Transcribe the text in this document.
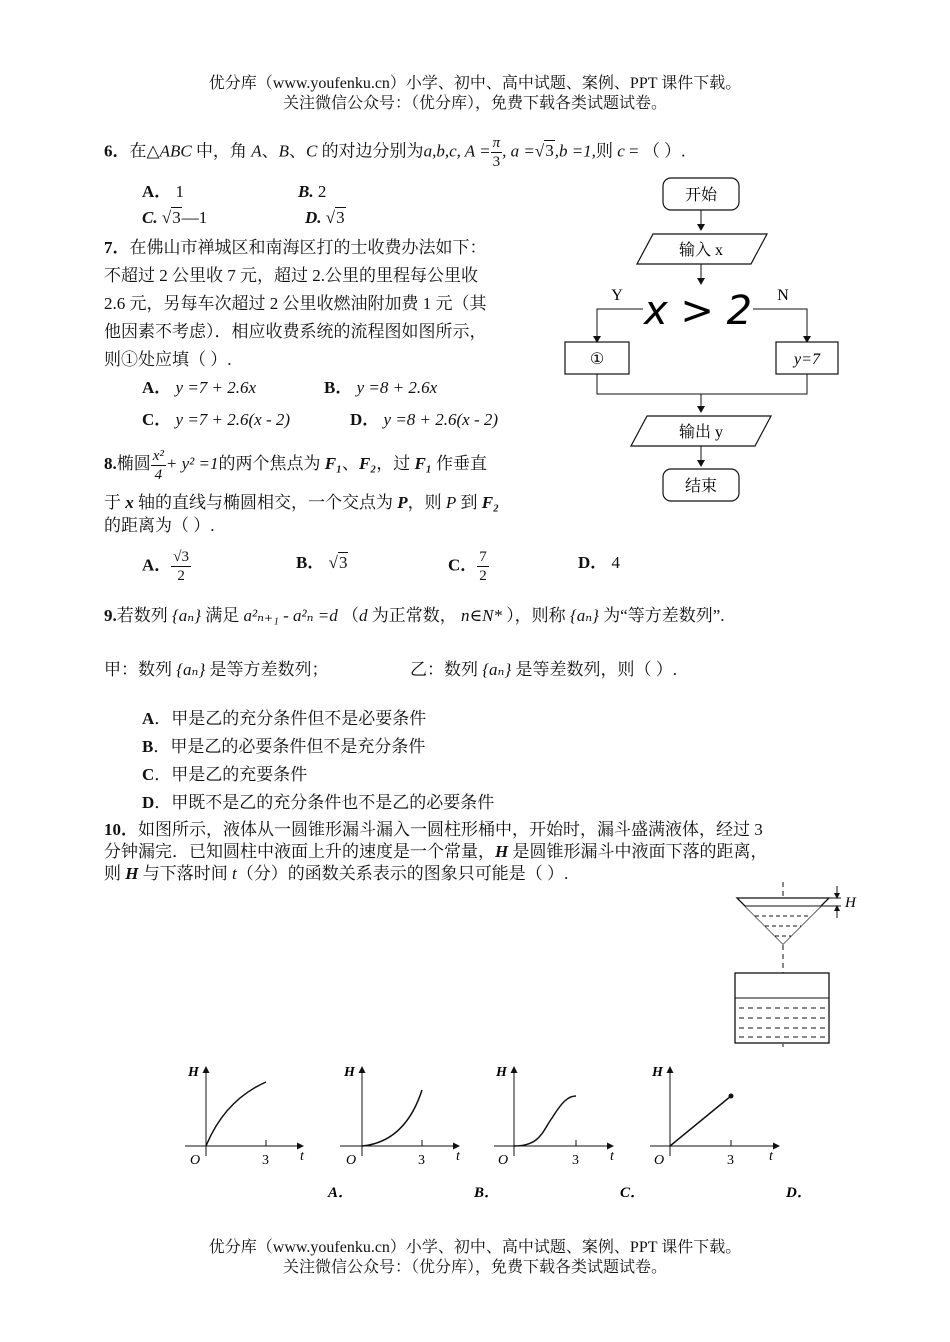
优分库（www.youfenku.cn）小学、初中、高中试题、案例、PPT 课件下载。
关注微信公众号：（优分库），免费下载各类试题试卷。
6．在△ABC 中，角 A、B、C 的对边分别为a,b,c, $A = \frac{\pi}{3}$ , a =√3,b =1,则 c = （ ）.
A． 1	B. 2
C. √3—1	D. √3
7．在佛山市禅城区和南海区打的士收费办法如下：
不超过 2 公里收 7 元，超过 2.公里的里程每公里收
2.6 元，另每车次超过 2 公里收燃油附加费 1 元（其
他因素不考虑）．相应收费系统的流程图如图所示，
则①处应填（ ）.
A． y =7 + 2.6x	B． y =8 + 2.6x
C． y =7 + 2.6(x - 2)	D． y =8 + 2.6(x - 2)
开始
输入 x
x > 2
Y	N
①	y=7
输出 y
结束
8.椭圆 $\frac{\text{x²}}{4} + y^2 =1$的两个焦点为 F₁、F₂，过 F₁ 作垂直
于 x 轴的直线与椭圆相交，一个交点为 P，则 P 到 F₂
的距离为（ ）.
A． $\frac{√3}{2}$	B． √3	C． $\frac{7}{2}$	D． 4
9.若数列 {aₙ} 满足 a²ₙ₊₁ - a²ₙ =d （d 为正常数， n∈N* ），则称 {aₙ} 为“等方差数列”.
甲：数列 {aₙ} 是等方差数列；	乙：数列 {aₙ} 是等差数列，则（ ）.
A．甲是乙的充分条件但不是必要条件
B．甲是乙的必要条件但不是充分条件
C．甲是乙的充要条件
D．甲既不是乙的充分条件也不是乙的必要条件
10．如图所示，液体从一圆锥形漏斗漏入一圆柱形桶中，开始时，漏斗盛满液体，经过 3
分钟漏完．已知圆柱中液面上升的速度是一个常量，H 是圆锥形漏斗中液面下落的距离，
则 H 与下落时间 t（分）的函数关系表示的图象只可能是（ ）.
H
H
t
O	3
A．
H
t
O	3
B．
H
t
O	3
C．
H
t
O	3
D．
优分库（www.youfenku.cn）小学、初中、高中试题、案例、PPT 课件下载。
关注微信公众号：（优分库），免费下载各类试题试卷。
